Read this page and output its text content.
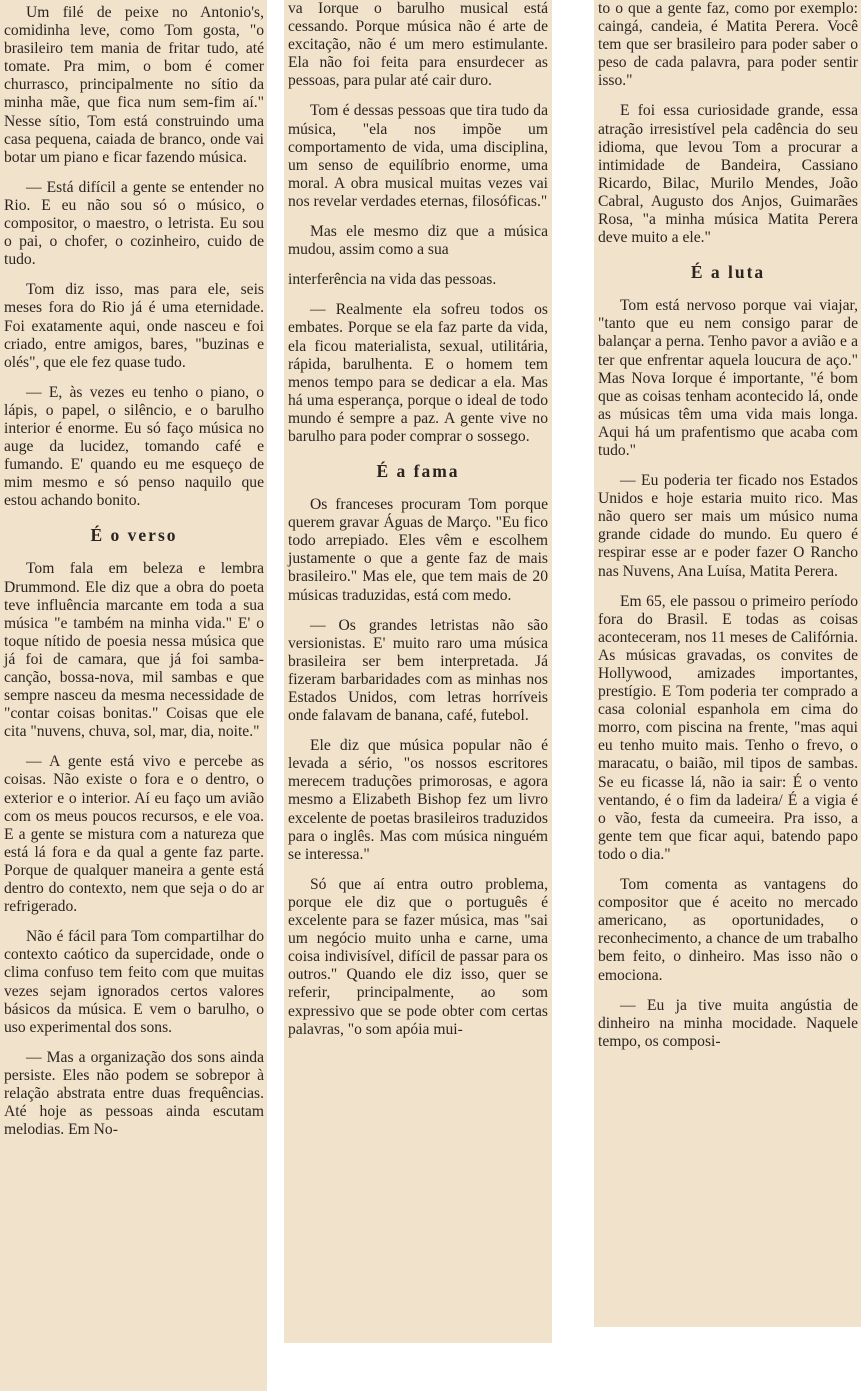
Um filé de peixe no Antonio's, comidinha leve, como Tom gosta, "o brasileiro tem mania de fritar tudo, até tomate. Pra mim, o bom é comer churrasco, principalmente no sítio da minha mãe, que fica num sem-fim aí." Nesse sítio, Tom está construindo uma casa pequena, caiada de branco, onde vai botar um piano e ficar fazendo música.

— Está difícil a gente se entender no Rio. E eu não sou só o músico, o compositor, o maestro, o letrista. Eu sou o pai, o chofer, o cozinheiro, cuido de tudo.

Tom diz isso, mas para ele, seis meses fora do Rio já é uma eternidade. Foi exatamente aqui, onde nasceu e foi criado, entre amigos, bares, "buzinas e olés", que ele fez quase tudo.

— E, às vezes eu tenho o piano, o lápis, o papel, o silêncio, e o barulho interior é enorme. Eu só faço música no auge da lucidez, tomando café e fumando. E' quando eu me esqueço de mim mesmo e só penso naquilo que estou achando bonito.

É o verso

Tom fala em beleza e lembra Drummond. Ele diz que a obra do poeta teve influência marcante em toda a sua música "e também na minha vida." E' o toque nítido de poesia nessa música que já foi de camara, que já foi samba-canção, bossa-nova, mil sambas e que sempre nasceu da mesma necessidade de "contar coisas bonitas." Coisas que ele cita "nuvens, chuva, sol, mar, dia, noite."

— A gente está vivo e percebe as coisas. Não existe o fora e o dentro, o exterior e o interior. Aí eu faço um avião com os meus poucos recursos, e ele voa. E a gente se mistura com a natureza que está lá fora e da qual a gente faz parte. Porque de qualquer maneira a gente está dentro do contexto, nem que seja o do ar refrigerado.

Não é fácil para Tom compartilhar do contexto caótico da supercidade, onde o clima confuso tem feito com que muitas vezes sejam ignorados certos valores básicos da música. E vem o barulho, o uso experimental dos sons.

— Mas a organização dos sons ainda persiste. Eles não podem se sobrepor à relação abstrata entre duas frequências. Até hoje as pessoas ainda escutam melodias. Em No-

va Iorque o barulho musical está cessando. Porque música não é arte de excitação, não é um mero estimulante. Ela não foi feita para ensurdecer as pessoas, para pular até cair duro.

Tom é dessas pessoas que tira tudo da música, "ela nos impõe um comportamento de vida, uma disciplina, um senso de equilíbrio enorme, uma moral. A obra musical muitas vezes vai nos revelar verdades eternas, filosóficas."

Mas ele mesmo diz que a música mudou, assim como a sua

interferência na vida das pessoas.

— Realmente ela sofreu todos os embates. Porque se ela faz parte da vida, ela ficou materialista, sexual, utilitária, rápida, barulhenta. E o homem tem menos tempo para se dedicar a ela. Mas há uma esperança, porque o ideal de todo mundo é sempre a paz. A gente vive no barulho para poder comprar o sossego.

É a fama

Os franceses procuram Tom porque querem gravar Águas de Março. "Eu fico todo arrepiado. Eles vêm e escolhem justamente o que a gente faz de mais brasileiro." Mas ele, que tem mais de 20 músicas traduzidas, está com medo.

— Os grandes letristas não são versionistas. E' muito raro uma música brasileira ser bem interpretada. Já fizeram barbaridades com as minhas nos Estados Unidos, com letras horríveis onde falavam de banana, café, futebol.

Ele diz que música popular não é levada a sério, "os nossos escritores merecem traduções primorosas, e agora mesmo a Elizabeth Bishop fez um livro excelente de poetas brasileiros traduzidos para o inglês. Mas com música ninguém se interessa."

Só que aí entra outro problema, porque ele diz que o português é excelente para se fazer música, mas "sai um negócio muito unha e carne, uma coisa indivisível, difícil de passar para os outros." Quando ele diz isso, quer se referir, principalmente, ao som expressivo que se pode obter com certas palavras, "o som apóia mui-

to o que a gente faz, como por exemplo: caingá, candeia, é Matita Perera. Você tem que ser brasileiro para poder saber o peso de cada palavra, para poder sentir isso."

E foi essa curiosidade grande, essa atração irresistível pela cadência do seu idioma, que levou Tom a procurar a intimidade de Bandeira, Cassiano Ricardo, Bilac, Murilo Mendes, João Cabral, Augusto dos Anjos, Guimarães Rosa, "a minha música Matita Perera deve muito a ele."

É a luta

Tom está nervoso porque vai viajar, "tanto que eu nem consigo parar de balançar a perna. Tenho pavor a avião e a ter que enfrentar aquela loucura de aço." Mas Nova Iorque é importante, "é bom que as coisas tenham acontecido lá, onde as músicas têm uma vida mais longa. Aqui há um prafentismo que acaba com tudo."

— Eu poderia ter ficado nos Estados Unidos e hoje estaria muito rico. Mas não quero ser mais um músico numa grande cidade do mundo. Eu quero é respirar esse ar e poder fazer O Rancho nas Nuvens, Ana Luísa, Matita Perera.

Em 65, ele passou o primeiro período fora do Brasil. E todas as coisas aconteceram, nos 11 meses de Califórnia. As músicas gravadas, os convites de Hollywood, amizades importantes, prestígio. E Tom poderia ter comprado a casa colonial espanhola em cima do morro, com piscina na frente, "mas aqui eu tenho muito mais. Tenho o frevo, o maracatu, o baião, mil tipos de sambas. Se eu ficasse lá, não ia sair: É o vento ventando, é o fim da ladeira/ É a vigia é o vão, festa da cumeeira. Pra isso, a gente tem que ficar aqui, batendo papo todo o dia."

Tom comenta as vantagens do compositor que é aceito no mercado americano, as oportunidades, o reconhecimento, a chance de um trabalho bem feito, o dinheiro. Mas isso não o emociona.

— Eu ja tive muita angústia de dinheiro na minha mocidade. Naquele tempo, os composi-
